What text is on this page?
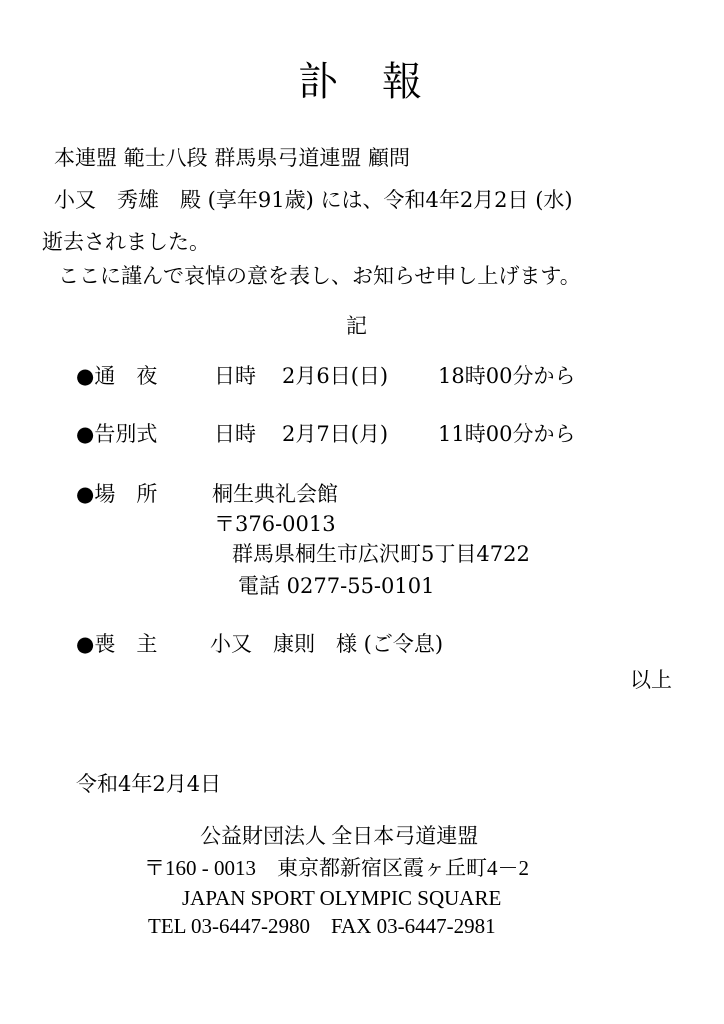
訃　報
本連盟 範士八段 群馬県弓道連盟 顧問
小又　秀雄　殿 (享年91歳) には、令和4年2月2日 (水)
逝去されました。
ここに謹んで哀悼の意を表し、お知らせ申し上げます。
記
●通　夜	日時 2月6日(日) 18時00分から
●告別式	日時 2月7日(月) 11時00分から
●場　所	桐生典礼会館
〒376-0013
群馬県桐生市広沢町5丁目4722
電話 0277-55-0101
●喪　主	小又　康則　様 (ご令息)
以上
令和4年2月4日
公益財団法人 全日本弓道連盟
〒160 - 0013　東京都新宿区霞ヶ丘町4－2
JAPAN SPORT OLYMPIC SQUARE
TEL 03-6447-2980　FAX 03-6447-2981
